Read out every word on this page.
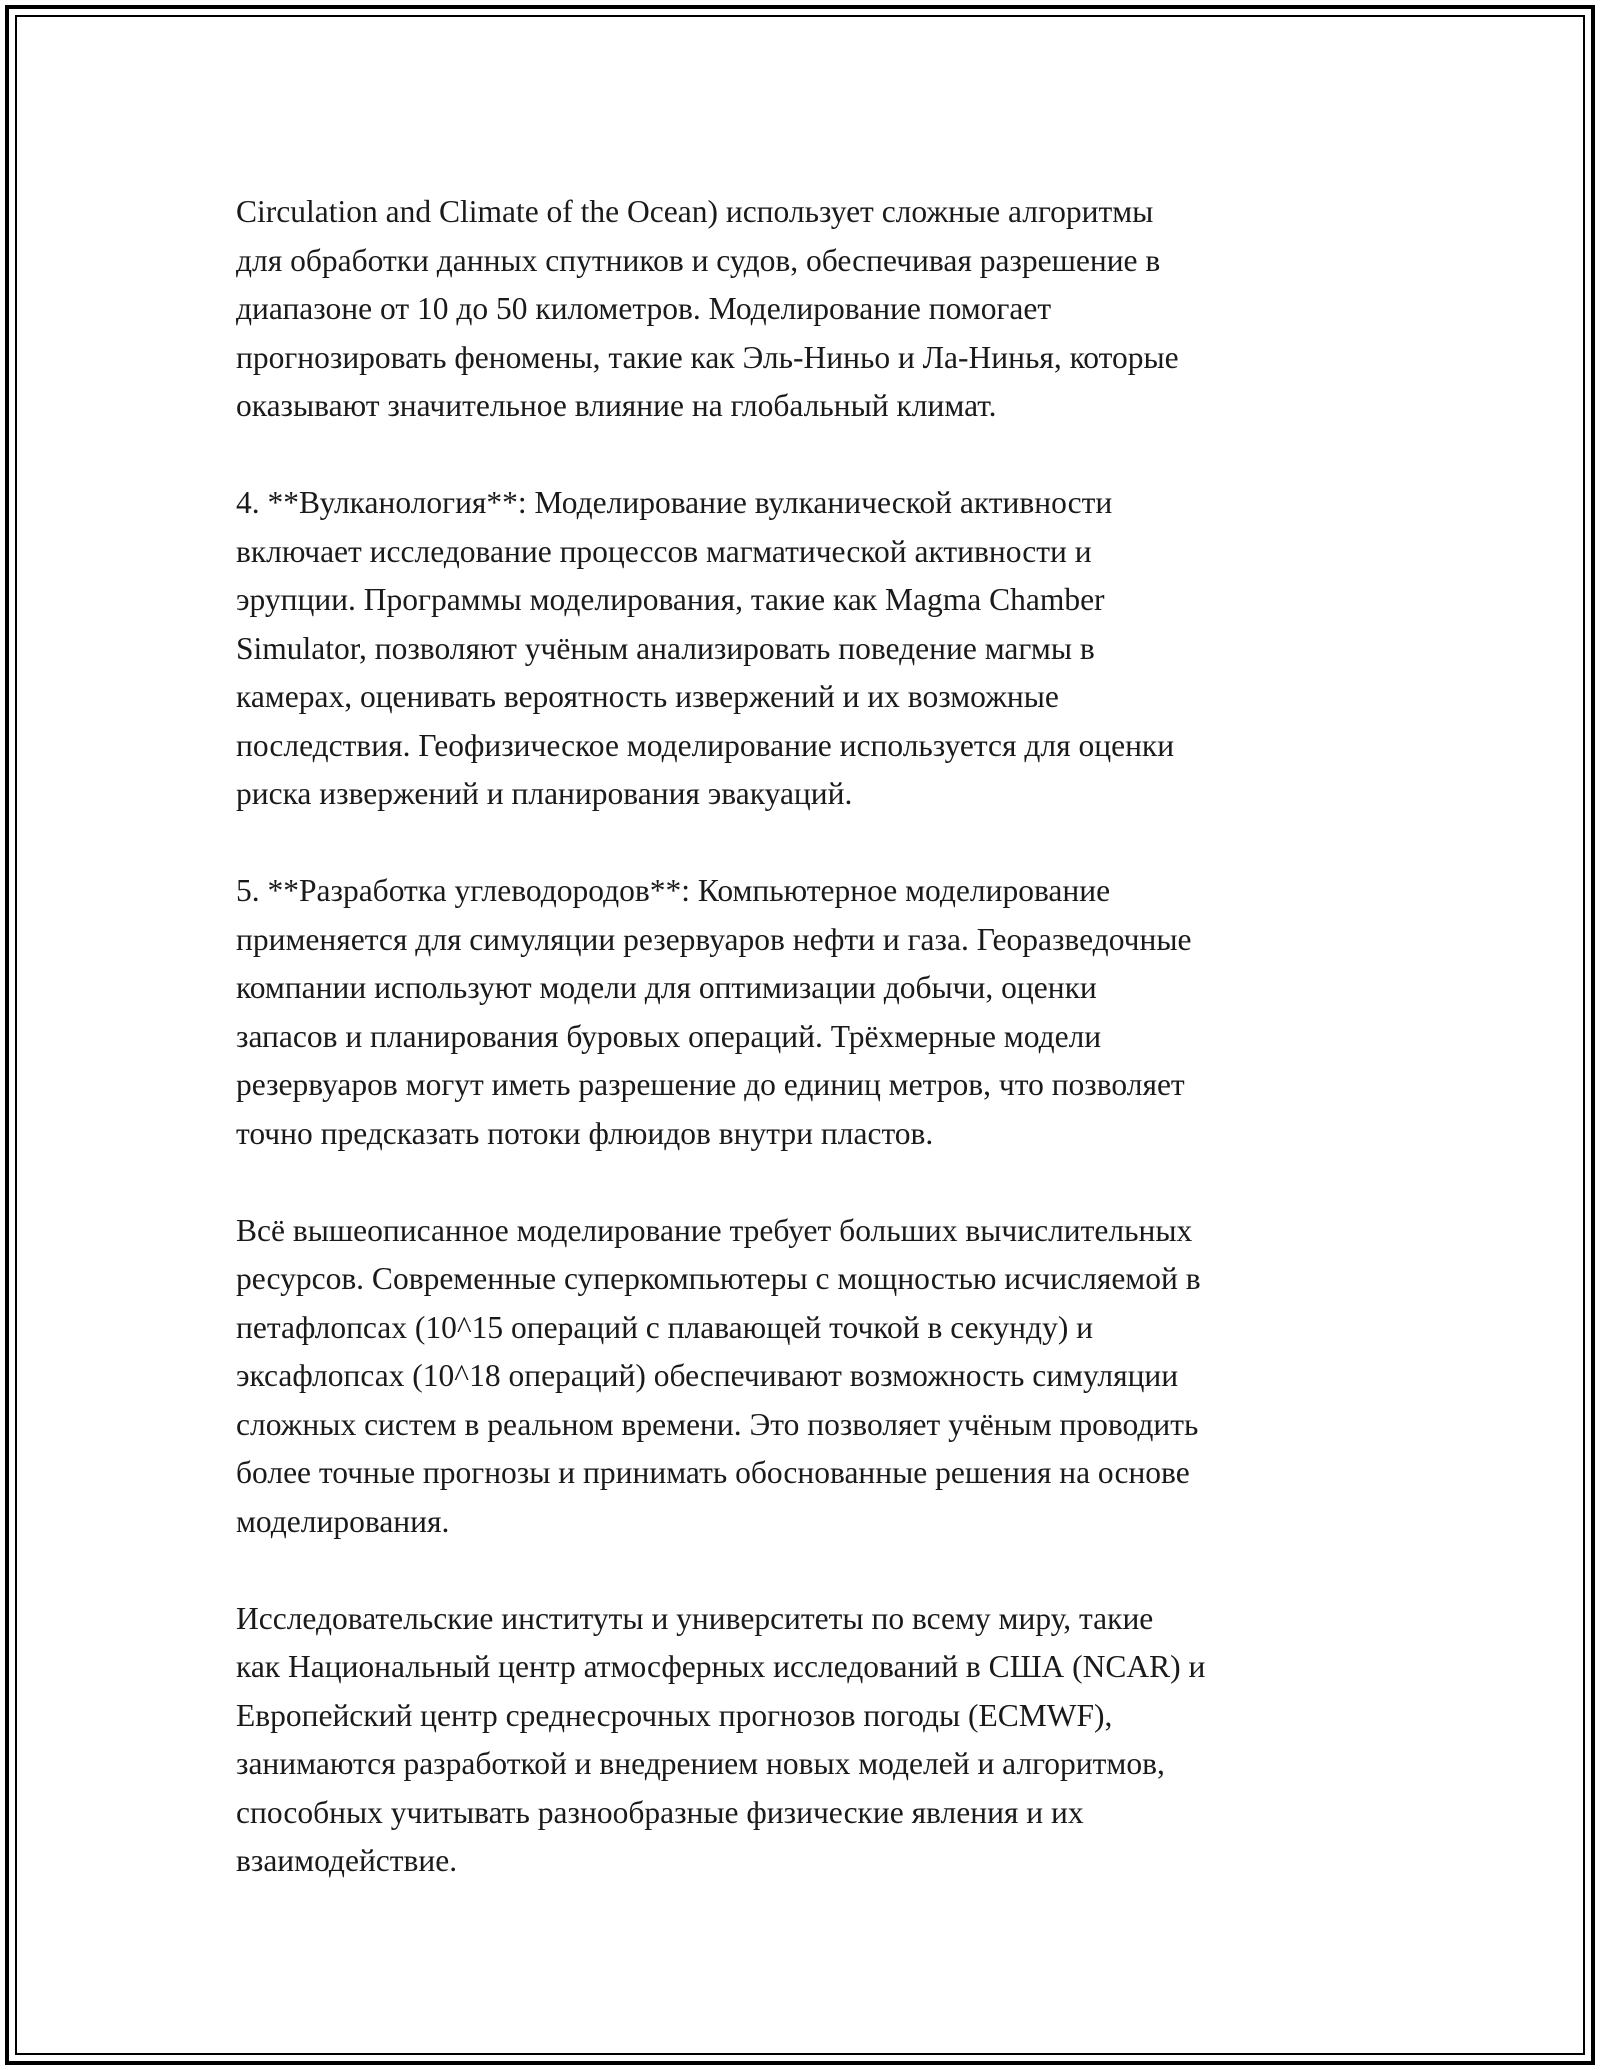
Circulation and Climate of the Ocean) использует сложные алгоритмы
для обработки данных спутников и судов, обеспечивая разрешение в
диапазоне от 10 до 50 километров. Моделирование помогает
прогнозировать феномены, такие как Эль-Ниньо и Ла-Нинья, которые
оказывают значительное влияние на глобальный климат.
4. **Вулканология**: Моделирование вулканической активности
включает исследование процессов магматической активности и
эрупции. Программы моделирования, такие как Magma Chamber
Simulator, позволяют учёным анализировать поведение магмы в
камерах, оценивать вероятность извержений и их возможные
последствия. Геофизическое моделирование используется для оценки
риска извержений и планирования эвакуаций.
5. **Разработка углеводородов**: Компьютерное моделирование
применяется для симуляции резервуаров нефти и газа. Георазведочные
компании используют модели для оптимизации добычи, оценки
запасов и планирования буровых операций. Трёхмерные модели
резервуаров могут иметь разрешение до единиц метров, что позволяет
точно предсказать потоки флюидов внутри пластов.
Всё вышеописанное моделирование требует больших вычислительных
ресурсов. Современные суперкомпьютеры с мощностью исчисляемой в
петафлопсах (10^15 операций с плавающей точкой в секунду) и
эксафлопсах (10^18 операций) обеспечивают возможность симуляции
сложных систем в реальном времени. Это позволяет учёным проводить
более точные прогнозы и принимать обоснованные решения на основе
моделирования.
Исследовательские институты и университеты по всему миру, такие
как Национальный центр атмосферных исследований в США (NCAR) и
Европейский центр среднесрочных прогнозов погоды (ECMWF),
занимаются разработкой и внедрением новых моделей и алгоритмов,
способных учитывать разнообразные физические явления и их
взаимодействие.
